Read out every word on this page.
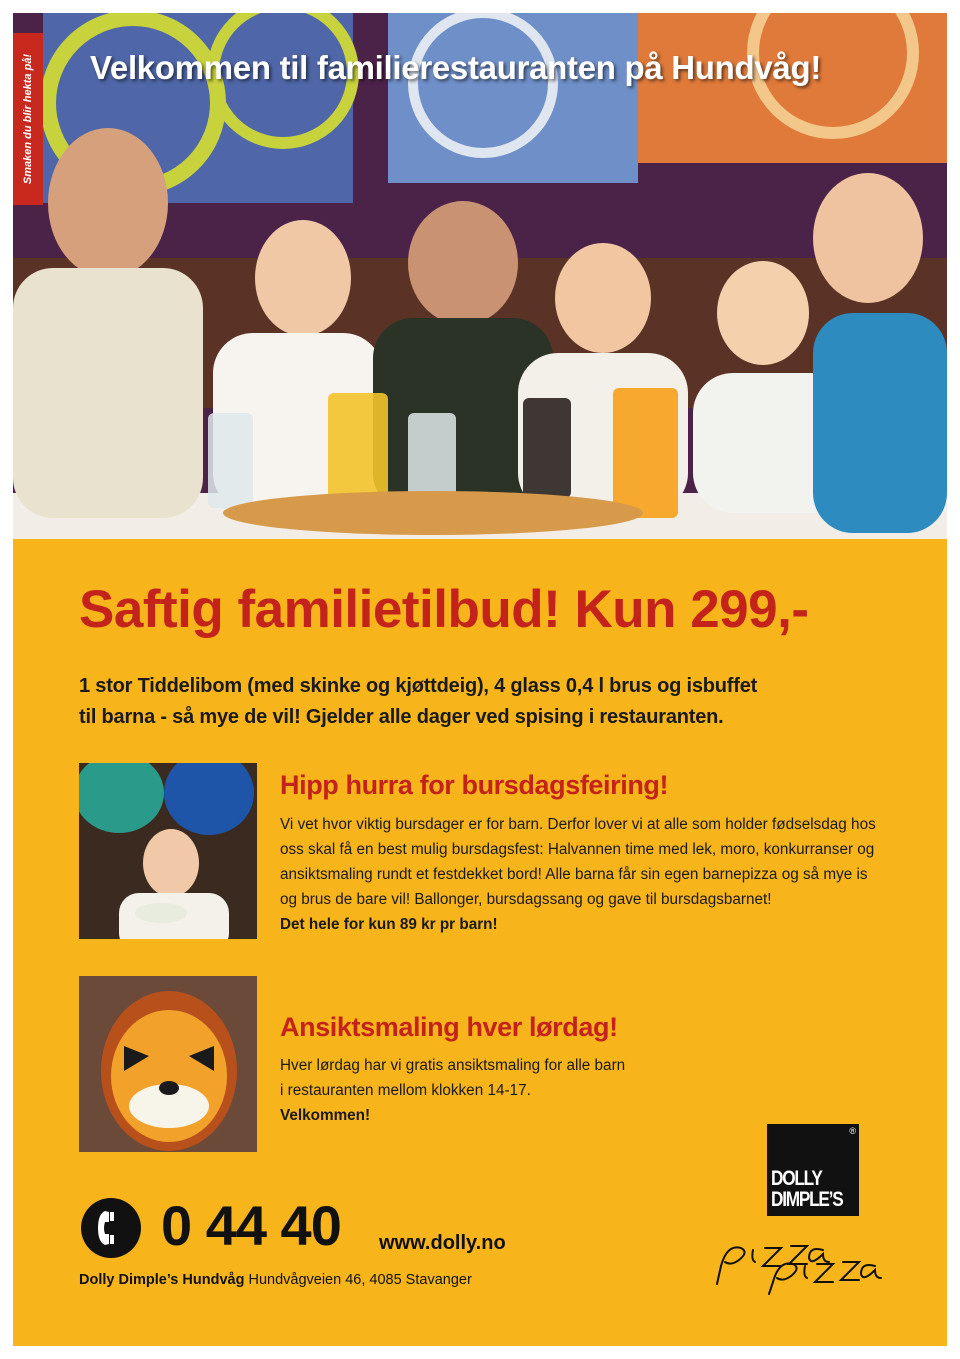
Smaken du blir hekta på! Velkommen til familierestauranten på Hundvåg!
Saftig familietilbud! Kun 299,-
1 stor Tiddelibom (med skinke og kjøttdeig), 4 glass 0,4 l brus og isbuffet
til barna - så mye de vil! Gjelder alle dager ved spising i restauranten.
Hipp hurra for bursdagsfeiring!
Vi vet hvor viktig bursdager er for barn. Derfor lover vi at alle som holder fødselsdag hos
oss skal få en best mulig bursdagsfest: Halvannen time med lek, moro, konkurranser og
ansiktsmaling rundt et festdekket bord! Alle barna får sin egen barnepizza og så mye is
og brus de bare vil! Ballonger, bursdagssang og gave til bursdagsbarnet!
Det hele for kun 89 kr pr barn!
Ansiktsmaling hver lørdag!
Hver lørdag har vi gratis ansiktsmaling for alle barn
i restauranten mellom klokken 14-17.
Velkommen!
0 44 40 www.dolly.no
Dolly Dimple’s Hundvåg Hundvågveien 46, 4085 Stavanger
®
DOLLY
DIMPLE’S
